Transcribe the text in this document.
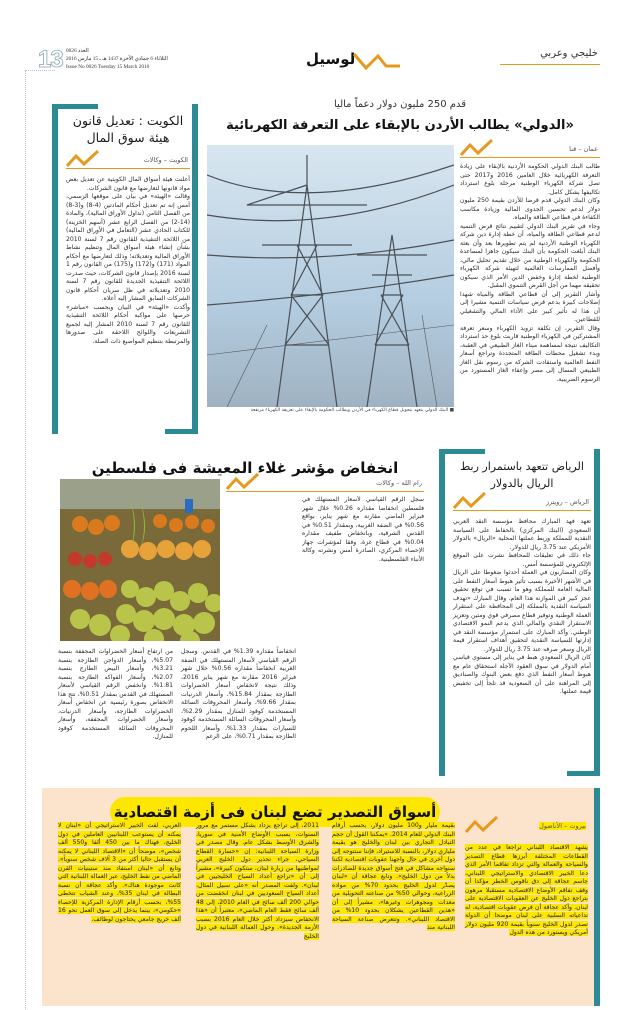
13 العدد 0026
الثلاثاء 6 جمادي الآخرة 1437 هـ ـ 15 مارس 2016
Issue No 0026 Tuesday 15 March 2016	لوسيل	خليجي وعربي
الكويت : تعديل قانون هيئة سوق المال
الكويت – وكالات

أعلنت هيئة أسواق المال الكويتية عن تعديل بعض مواد قانونها لتعارضها مع قانون الشركات.

وقالت «الهيئة» في بيان على موقعها الرسمي، أمس إنه تم تعديل أحكام المادتين (4-8) و(3-8) من الفصل الثامن (تداول الأوراق المالية)، والمادة (14-2) من الفصل الرابع عشر (أسهم الخزينة) للكتاب الحادي عشر (التعامل في الأوراق المالية) من اللائحة التنفيذية للقانون رقم 7 لسنة 2010 بشأن إنشاء هيئة أسواق المال وتنظيم نشاط الأوراق المالية وتعديلاته؛ وذلك لتعارضها مع أحكام المواد (171) و(172) و(175) من القانون رقم 1 لسنة 2016 بإصدار قانون الشركات، حيث صدرت اللائحة التنفيذية الجديدة للقانون رقم 7 لسنة 2010 وتعديلاته في ظل سريان أحكام قانون الشركات السابق المشار إليه أعلاه.

وأكدت «الهيئة» في البيان وبحسب «مباشر» حرصها على مواكبة أحكام اللائحة التنفيذية للقانون رقم 7 لسنة 2010 المشار إليه لجميع التشريعات واللوائح اللاحقة على صدورها والمرتبطة بتنظيم المواضيع ذات الصلة.

قدم 250 مليون دولار دعماً ماليا
«الدولي» يطالب الأردن بالإبقاء على التعرفة الكهربائية
■ البنك الدولي يتعهد بتحويل قطاع الكهرباء في الأردن ويطالب الحكومة بالإبقاء على تعريفة الكهرباء مرتفعة
عمان – قنا

طالب البنك الدولي الحكومة الأردنية بالإبقاء على زيادة التعرفة الكهربائية خلال العامين 2016 و2017 حتى تصل شركة الكهرباء الوطنية مرحلة بلوغ استرداد تكاليفها بشكل كامل.

وكان البنك الدولي قدم قرضا للأردن بقيمة 250 مليون دولار لدعم تحسين الجدوى المالية وزيادة مكاسب الكفاءة في قطاعي الطاقة والمياه.

وجاء في تقرير البنك الدولي لتقييم نتائج قرض التنمية لدعم قطاعي الطاقة والمياه، أن خطة إدارة دين شركة الكهرباء الوطنية الأردنية لم يتم تطويرها بعد وأن بعثة البنك أبلغت الحكومة بأن البنك سيكون جاهزا لمساعدة الحكومة والكهرباء الوطنية من خلال تقديم تحليل مالي، وأفضل الممارسات العالمية لتهيئة شركة الكهرباء الوطنية لخطة إدارة وخفض الدين الأمر الذي سيكون تحقيقه مهما من أجل القرض التنموي المقبل.

وأشار التقرير إلى أن قطاعي الطاقة والمياه شهدا إصلاحات كبيرة بدعم قرض سياسات التنمية مشيرا إلى أن هذا له تأثير كبير على الأداء المالي والتشغيلي للقطاعين.

وقال التقرير، إن تكلفة تزويد الكهرباء وسعر تعرفة المشتركين في الكهرباء الوطنية قاربت بلوغ حد استرداد التكاليف نتيجة لمساهمة ميناء الغاز الطبيعي في العقبة، وبدء تشغيل محطات الطاقة المتجددة وتراجع أسعار النفط العالمية واستفادت الشركة من رسوم نقل الغاز الطبيعي المسال إلى مصر وإعفاء الغاز المستورد من الرسوم الضريبية.

الرياض تتعهد باستمرار ربط الريال بالدولار
الرياض – رويترز

تعهد فهد المبارك محافظ مؤسسة النقد العربي السعودي (البنك المركزي) بالحفاظ على السياسة النقدية للمملكة وربط عملتها المحلية «الريال» بالدولار الأمريكي عند 3.75 ريال للدولار.

جاء ذلك في تعليقات للمحافظ نشرت على الموقع الإلكتروني للمؤسسة أمس.

وكان المضاربون في العملة أحدثوا ضغوطا على الريال في الأشهر الأخيرة بسبب تأثير هبوط أسعار النفط على المالية العامة للمملكة وهو ما تسبب في توقع تحقيق عجز كبير في الموازنة هذا العام. وقال المبارك «تهدف السياسة النقدية بالمملكة إلى المحافظة على استقرار العملة الوطنية وتوفير قطاع مصرفي قوي ومتين وتعزيز الاستقرار النقدي والمالي الذي يدعم النمو الاقتصادي الوطني. وأكد المبارك على استمرار مؤسسة النقد في إدارتها للسياسة النقدية لتحقيق أهداف استقرار قيمة الريال وسعر صرفه عند 3.75 ريال للدولار.

كان الريال السعودي هبط في يناير إلى مستوى قياسي أمام الدولار في سوق العقود الآجلة استحقاق عام مع هبوط أسعار النفط الذي دفع بعض البنوك والصناديق إلى المراهنة على أن السعودية قد تلجأ إلى تخفيض قيمة عملتها.

انخفاض مؤشر غلاء المعيشة فى فلسطين
رام الله – وكالات

سجل الرقم القياسي لأسعار المستهلك في فلسطين انخفاضا مقداره 0.26% خلال شهر فبراير الماضي مقارنة مع شهر يناير، بواقع 0.56% في الضفة الغربية، وبمقدار 0.51% في القدس الشرقية، وبانخفاض طفيف مقداره 0.04% في قطاع غزة، وفقا لمؤشرات جهاز الإحصاء المركزي، الصادرة أمس ونشرته وكالة الأنباء الفلسطينية.

انخفاضاً مقداره 1.39% في القدس. وسجل الرقم القياسي لأسعار المستهلك في الضفة الغربية انخفاضاً مقداره 0.56% خلال شهر فبراير 2016 مقارنة مع شهر يناير 2016، وذلك نتيجة لانخفاض أسعار الخضراوات الطازجة بمقدار 15.84%، وأسعار الدرنيات بمقدار 9.66%، وأسعار المحروقات السائلة المستخدمة كوقود للمنازل بمقدار 2.29%، وأسعار المحروقات السائلة المستخدمة كوقود للسيارات بمقدار 1.33%، وأسعار اللحوم الطازجة بمقدار 0.71%، على الرغم

من ارتفاع أسعار الخضراوات المجففة بنسبة 5.07%، وأسعار الدواجن الطازجة بنسبة 3.21%، وأسعار البيض الطازج بنسبة 2.07%، وأسعار الفواكه الطازجة بنسبة 1.81%. وانخفض الرقم القياسي لأسعار المستهلك في القدس بمقدار 0.51%، نتج هذا الانخفاض بصورة رئيسية عن انخفاض أسعار الخضراوات الطازجة، وأسعار الدرنيات، وأسعار الخضراوات المجففة، وأسعار المحروقات السائلة المستخدمة كوقود للمنازل.

أسواق التصدير تضع لبنان فى أزمة اقتصادية
بيروت – الأناضول
يشهد الاقتصاد اللبناني تراجعا في عدد من القطاعات المختلفة أبرزها قطاع التصدير والسياحة والعمالة والتي تزداد تفاقما الأمر الذي دعا الخبير الاقتصادي والاستراتيجي اللبناني، جاسم عجاقة إلى دق ناقوس الخطر مؤكدا أن وقف تفاقم الأوضاع الاقتصادية مستقبلا مرهون بتراجع دول الخليج عن العقوبات الاقتصادية على لبنان. وأكد عجاقة أن فرض عقوبات اقتصادية، له تداعياته السلبية على لبنان موضحا أن الدولة تصدر لدول الخليج سنوياً بقيمة 920 مليون دولار أمريكي ويستورد من هذه الدول
بقيمة مليار و100 مليون دولار، بحسب أرقام البنك الدولي للعام 2014. «يمكننا القول أن حجم التبادل التجاري بين لبنان والخليج هو بقيمة ملياري دولار، بالنسبة للاستيراد، فإننا سنتوجه إلى دول أخرى في حال واجهنا عقوبات اقتصادية لكننا سنواجه مشاكل في فتح أسواق جديدة للصادرات بدلاً من دول الخليج». وتابع عجاقة أن «لبنان يصدّر لدول الخليج بحدود 70% من مواده الزراعية، وحوالي 50% من صناعته التحويلية من معدات ومجوهرات وغيرها»، مشيراً إلى أن «هذين القطاعين يشكلان بحدود 10% من الاقتصاد اللبناني». وتتعرض صناعة السياحة اللبنانية منذ
2011، إلى تراجع يزداد بشكل مستمر مع مرور السنوات، بسبب الأوضاع الأمنية في سوريا، والشرق الأوسط بشكل عام. وقال مصدر في وزارة السياحة اللبنانية: إن «خسارة القطاع السياحي، جراء تحذير دول الخليج العربي لمواطنيها من زيارة لبنان، ستكون كبيرة»، مشيراً إلى أن «تراجع أعداد السياح الخليجيين في لبنان». ولفت المصدر أنه «على سبيل المثال، أعداد السياح السعوديين في لبنان انخفضت من حوالي 200 ألف سائح في العام 2010، إلى 48 ألف سائح فقط العام الماضي»، معتبراً أن «هذا الانخفاض سيزداد أكثر خلال العام 2016 بسبب الأزمة الجديدة». وحول العمالة اللبنانية في دول الخليج
العربي، لفت الخبير الاستراتيجي أن «لبنان لا يمكنه أن يستوعب اللبنانيين العاملين في دول الخليج، فهناك ما بين 450 ألفا و550 ألف شخص»، موضحاً أن «الاقتصاد اللبناني لا يمكنه أن يستقبل حاليا أكثر من 3 آلاف شخص سنوياً». وتابع أن «لبنان استفاد منذ ستينيات القرن الماضي من نفط الخليج، عبر العمالة اللبنانية التي كانت موجودة هناك». وأكد عجاقة أن نسبة البطالة في لبنان 35%، وعند الشباب تتخطى 55%، بحسب أرقام الإدارة المركزية للإحصاء «حكومي»، بينما يدخل إلى سوق العمل نحو 16 ألف خريج جامعي يحتاجون لوظائف.
